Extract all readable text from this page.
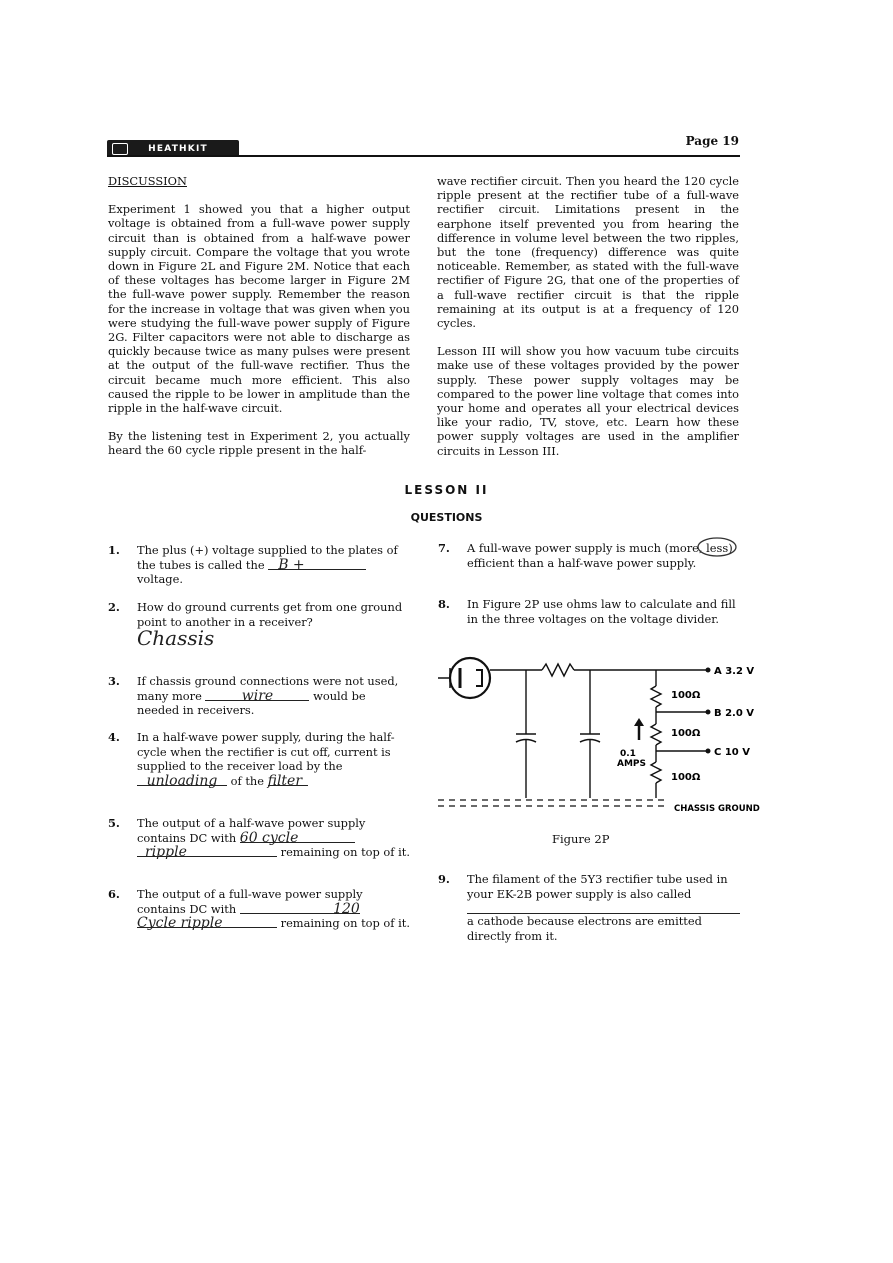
HEATHKIT
Page 19

DISCUSSION

Experiment 1 showed you that a higher output voltage is obtained from a full-wave power supply circuit than is obtained from a half-wave power supply circuit. Compare the voltage that you wrote down in Figure 2L and Figure 2M. Notice that each of these voltages has become larger in Figure 2M the full-wave power supply. Remember the reason for the increase in voltage that was given when you were studying the full-wave power supply of Figure 2G. Filter capacitors were not able to discharge as quickly because twice as many pulses were present at the output of the full-wave rectifier. Thus the circuit became much more efficient. This also caused the ripple to be lower in amplitude than the ripple in the half-wave circuit.

By the listening test in Experiment 2, you actually heard the 60 cycle ripple present in the half-

wave rectifier circuit. Then you heard the 120 cycle ripple present at the rectifier tube of a full-wave rectifier circuit. Limitations present in the earphone itself prevented you from hearing the difference in volume level between the two ripples, but the tone (frequency) difference was quite noticeable. Remember, as stated with the full-wave rectifier of Figure 2G, that one of the properties of a full-wave rectifier circuit is that the ripple remaining at its output is at a frequency of 120 cycles.

Lesson III will show you how vacuum tube circuits make use of these voltages provided by the power supply. These power supply voltages may be compared to the power line voltage that comes into your home and operates all your electrical devices like your radio, TV, stove, etc. Learn how these power supply voltages are used in the amplifier circuits in Lesson III.

LESSON II
QUESTIONS
1. The plus (+) voltage supplied to the plates of the tubes is called the B + voltage.
2. How do ground currents get from one ground point to another in a receiver?
Chassis
3. If chassis ground connections were not used, many more	wire	would be needed in receivers.
4. In a half-wave power supply, during the half-cycle when the rectifier is cut off, current is supplied to the receiver load by the unloading of the filter
5. The output of a half-wave power supply contains DC with 60 cycle
ripple	remaining on top of it.
6. The output of a full-wave power supply contains DC with	120
Cycle ripple	remaining on top of it.
7. A full-wave power supply is much (more, less) efficient than a half-wave power supply.
8. In Figure 2P use ohms law to calculate and fill in the three voltages on the voltage divider.
100Ω
100Ω
100Ω
0.1
AMPS
A 3.2 V
B 2.0 V
C 10 V
CHASSIS GROUND
Figure 2P
9. The filament of the 5Y3 rectifier tube used in your EK-2B power supply is also called
a cathode because electrons are emitted directly from it.
